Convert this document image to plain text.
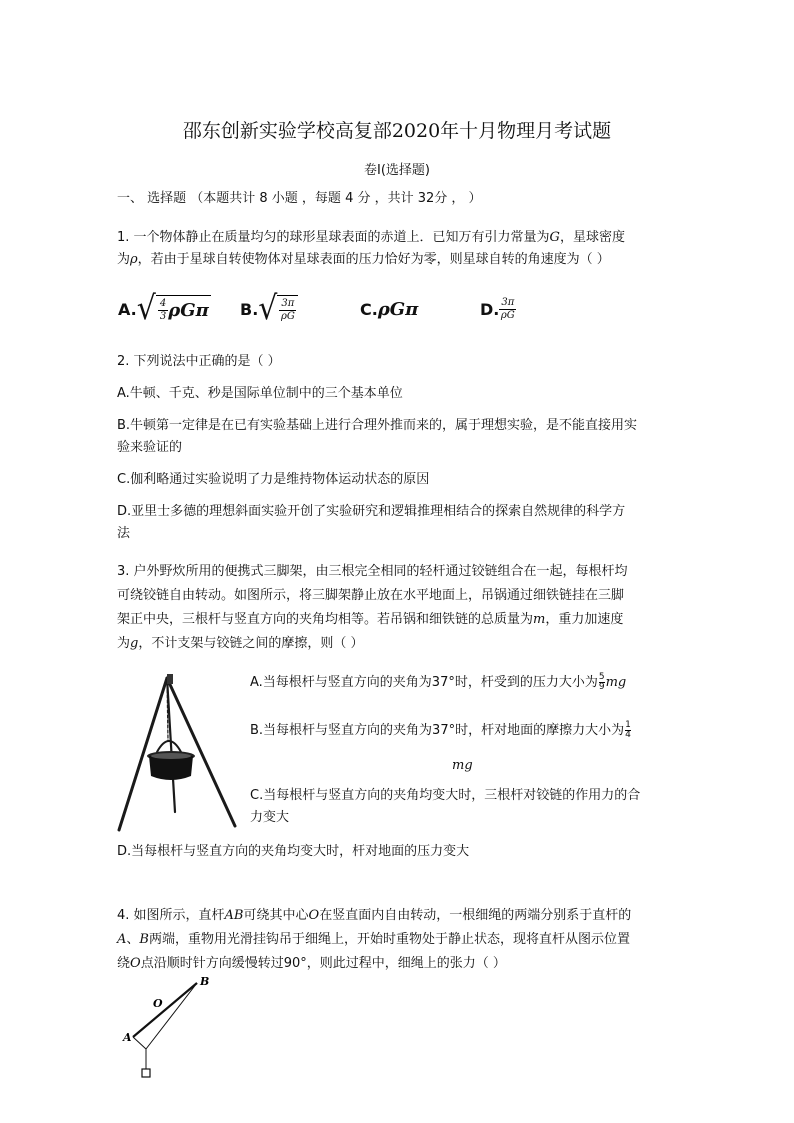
邵东创新实验学校高复部2020年十月物理月考试题
卷Ⅰ(选择题)
一、 选择题 （本题共计 8 小题 ，每题 4 分 ，共计 32分 ， ）
1. 一个物体静止在质量均匀的球形星球表面的赤道上．已知万有引力常量为G，星球密度
为ρ，若由于星球自转使物体对星球表面的压力恰好为零，则星球自转的角速度为（ ）
A. √ $\frac{4}{3}$ ρGπ B. √ $\frac{3\pi}{\rho G}$	C. ρGπ	D. $\frac{3\pi}{\rho G}$
2. 下列说法中正确的是（ ）
A.牛顿、千克、秒是国际单位制中的三个基本单位
B.牛顿第一定律是在已有实验基础上进行合理外推而来的，属于理想实验，是不能直接用实
验来验证的
C.伽利略通过实验说明了力是维持物体运动状态的原因
D.亚里士多德的理想斜面实验开创了实验研究和逻辑推理相结合的探索自然规律的科学方
法
3. 户外野炊所用的便携式三脚架，由三根完全相同的轻杆通过铰链组合在一起，每根杆均
可绕铰链自由转动。如图所示，将三脚架静止放在水平地面上，吊锅通过细铁链挂在三脚
架正中央，三根杆与竖直方向的夹角均相等。若吊锅和细铁链的总质量为m，重力加速度
为g，不计支架与铰链之间的摩擦，则（ ）
A.当每根杆与竖直方向的夹角为37°时，杆受到的压力大小为 $\frac{5}{9}$ mg
B.当每根杆与竖直方向的夹角为37°时，杆对地面的摩擦力大小为 $\frac{1}{4}$
mg
C.当每根杆与竖直方向的夹角均变大时，三根杆对铰链的作用力的合
力变大
D.当每根杆与竖直方向的夹角均变大时，杆对地面的压力变大
4. 如图所示，直杆AB可绕其中心O在竖直面内自由转动，一根细绳的两端分别系于直杆的
A、B两端，重物用光滑挂钩吊于细绳上，开始时重物处于静止状态，现将直杆从图示位置
绕O点沿顺时针方向缓慢转过90°，则此过程中，细绳上的张力（ ）
A
B
O
